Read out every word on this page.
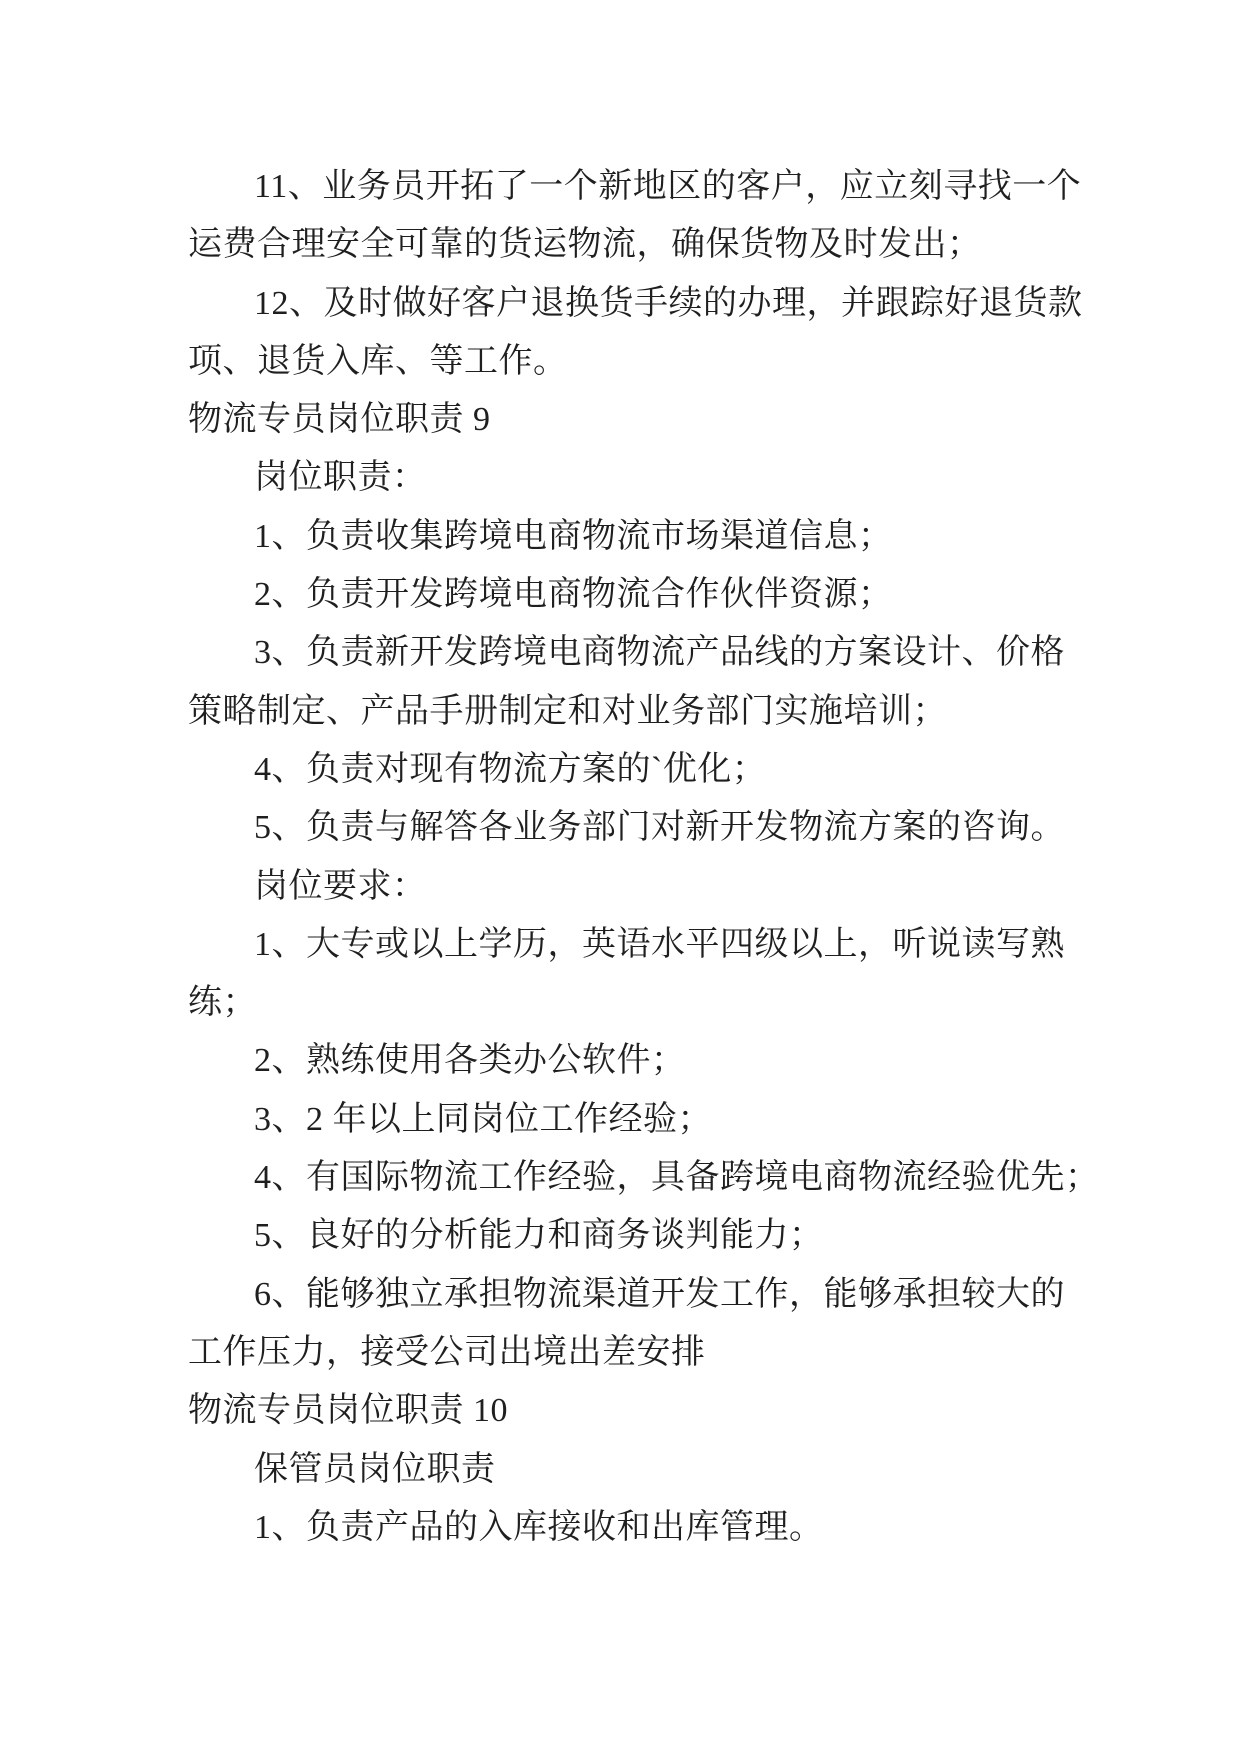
11、业务员开拓了一个新地区的客户，应立刻寻找一个
运费合理安全可靠的货运物流，确保货物及时发出；
12、及时做好客户退换货手续的办理，并跟踪好退货款
项、退货入库、等工作。
物流专员岗位职责 9
岗位职责：
1、负责收集跨境电商物流市场渠道信息；
2、负责开发跨境电商物流合作伙伴资源；
3、负责新开发跨境电商物流产品线的方案设计、价格
策略制定、产品手册制定和对业务部门实施培训；
4、负责对现有物流方案的`优化；
5、负责与解答各业务部门对新开发物流方案的咨询。
岗位要求：
1、大专或以上学历，英语水平四级以上，听说读写熟
练；
2、熟练使用各类办公软件；
3、2 年以上同岗位工作经验；
4、有国际物流工作经验，具备跨境电商物流经验优先；
5、良好的分析能力和商务谈判能力；
6、能够独立承担物流渠道开发工作，能够承担较大的
工作压力，接受公司出境出差安排
物流专员岗位职责 10
保管员岗位职责
1、负责产品的入库接收和出库管理。
